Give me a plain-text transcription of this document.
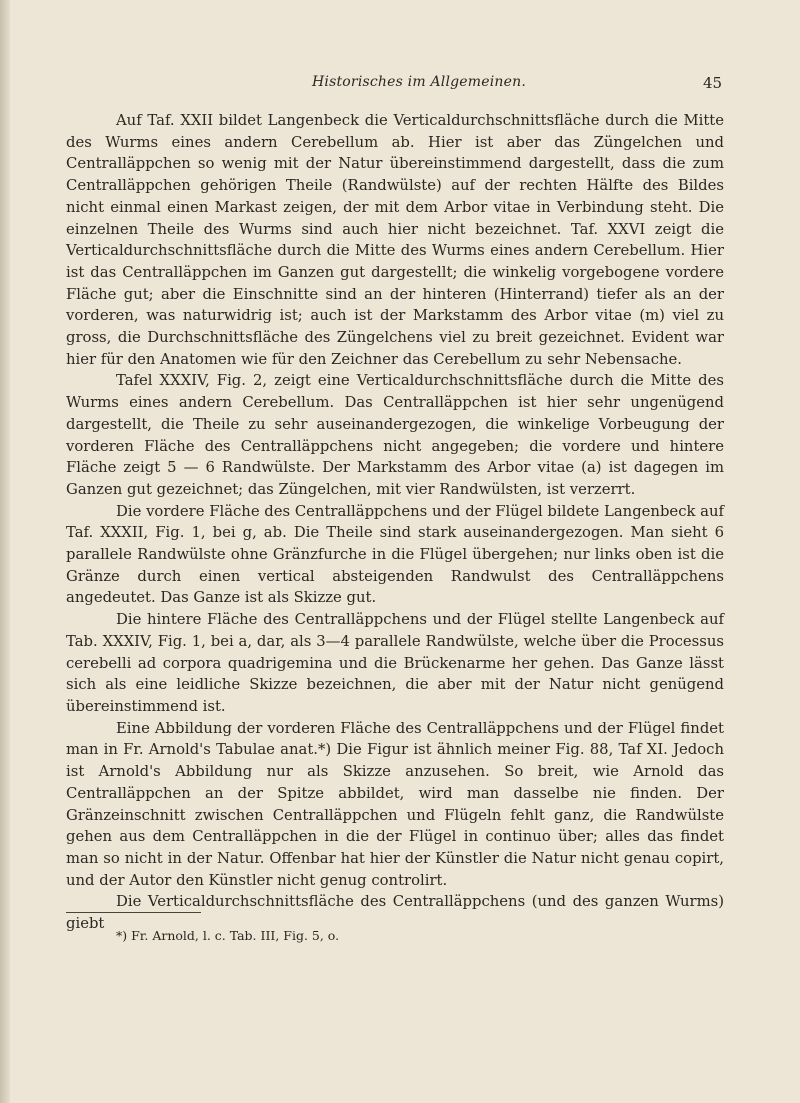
Historisches im Allgemeinen.	45

Auf Taf. XXII bildet Langenbeck die Verticaldurchschnittsfläche durch die Mitte des Wurms eines andern Cerebellum ab. Hier ist aber das Züngelchen und Centralläppchen so wenig mit der Natur übereinstimmend dargestellt, dass die zum Centralläppchen gehörigen Theile (Randwülste) auf der rechten Hälfte des Bildes nicht einmal einen Markast zeigen, der mit dem Arbor vitae in Verbindung steht. Die einzelnen Theile des Wurms sind auch hier nicht bezeichnet. Taf. XXVI zeigt die Verticaldurchschnittsfläche durch die Mitte des Wurms eines andern Cerebellum. Hier ist das Centralläppchen im Ganzen gut dargestellt; die winkelig vorgebogene vordere Fläche gut; aber die Einschnitte sind an der hinteren (Hinterrand) tiefer als an der vorderen, was naturwidrig ist; auch ist der Markstamm des Arbor vitae (m) viel zu gross, die Durchschnittsfläche des Züngelchens viel zu breit gezeichnet. Evident war hier für den Anatomen wie für den Zeichner das Cerebellum zu sehr Nebensache.

Tafel XXXIV, Fig. 2, zeigt eine Verticaldurchschnittsfläche durch die Mitte des Wurms eines andern Cerebellum. Das Centralläppchen ist hier sehr ungenügend dargestellt, die Theile zu sehr auseinandergezogen, die winkelige Vorbeugung der vorderen Fläche des Centralläppchens nicht angegeben; die vordere und hintere Fläche zeigt 5 — 6 Randwülste. Der Markstamm des Arbor vitae (a) ist dagegen im Ganzen gut gezeichnet; das Züngelchen, mit vier Randwülsten, ist verzerrt.

Die vordere Fläche des Centralläppchens und der Flügel bildete Langenbeck auf Taf. XXXII, Fig. 1, bei g, ab. Die Theile sind stark auseinandergezogen. Man sieht 6 parallele Randwülste ohne Gränzfurche in die Flügel übergehen; nur links oben ist die Gränze durch einen vertical absteigenden Randwulst des Centralläppchens angedeutet. Das Ganze ist als Skizze gut.

Die hintere Fläche des Centralläppchens und der Flügel stellte Langenbeck auf Tab. XXXIV, Fig. 1, bei a, dar, als 3—4 parallele Randwülste, welche über die Processus cerebelli ad corpora quadrigemina und die Brückenarme her gehen. Das Ganze lässt sich als eine leidliche Skizze bezeichnen, die aber mit der Natur nicht genügend übereinstimmend ist.

Eine Abbildung der vorderen Fläche des Centralläppchens und der Flügel findet man in Fr. Arnold's Tabulae anat.*) Die Figur ist ähnlich meiner Fig. 88, Taf XI. Jedoch ist Arnold's Abbildung nur als Skizze anzusehen. So breit, wie Arnold das Centralläppchen an der Spitze abbildet, wird man dasselbe nie finden. Der Gränzeinschnitt zwischen Centralläppchen und Flügeln fehlt ganz, die Randwülste gehen aus dem Centralläppchen in die der Flügel in continuo über; alles das findet man so nicht in der Natur. Offenbar hat hier der Künstler die Natur nicht genau copirt, und der Autor den Künstler nicht genug controlirt.

Die Verticaldurchschnittsfläche des Centralläppchens (und des ganzen Wurms) giebt

*) Fr. Arnold, l. c. Tab. III, Fig. 5, o.
